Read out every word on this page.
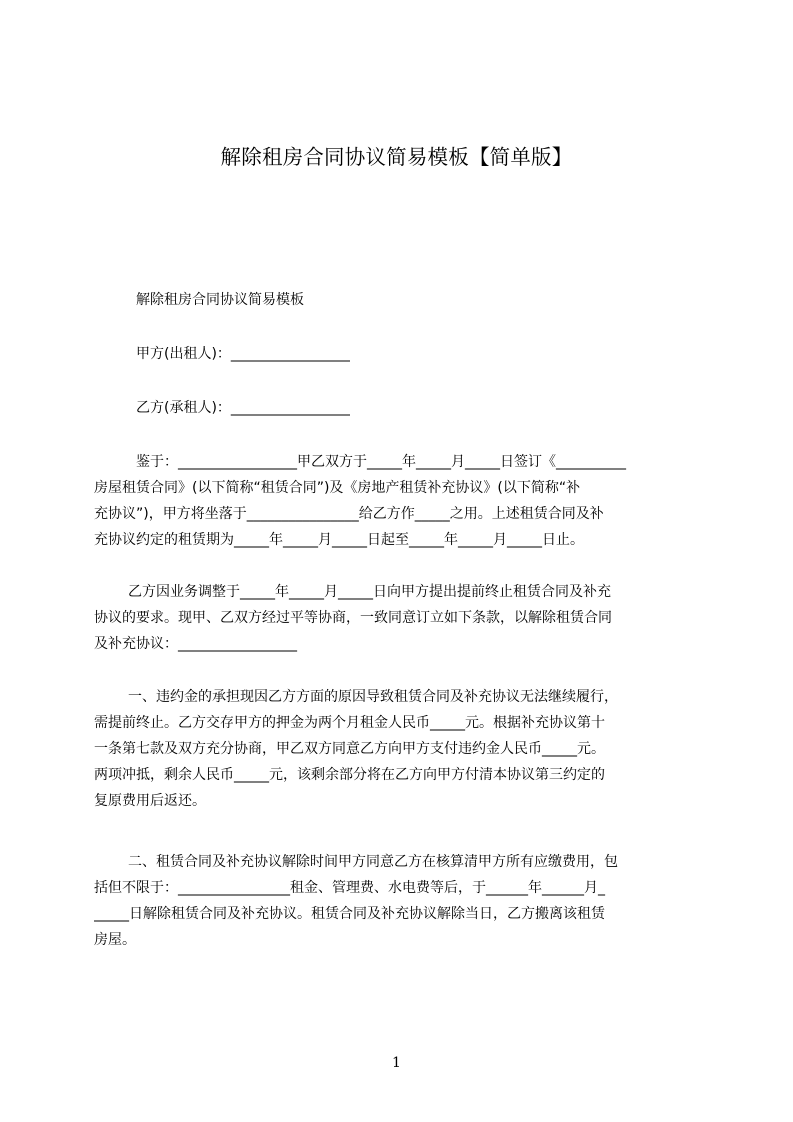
解除租房合同协议简易模板【简单版】

解除租房合同协议简易模板

甲方(出租人)：_________________

乙方(承租人)：_________________

　鉴于：_________________甲乙双方于_____年_____月_____日签订《__________
房屋租赁合同》(以下简称“租赁合同”)及《房地产租赁补充协议》(以下简称“补
充协议”)，甲方将坐落于________________给乙方作_____之用。上述租赁合同及补
充协议约定的租赁期为_____年_____月_____日起至_____年_____月_____日止。

　　乙方因业务调整于_____年_____月_____日向甲方提出提前终止租赁合同及补充
协议的要求。现甲、乙双方经过平等协商，一致同意订立如下条款，以解除租赁合同
及补充协议：_________________

　　一、违约金的承担现因乙方方面的原因导致租赁合同及补充协议无法继续履行，
需提前终止。乙方交存甲方的押金为两个月租金人民币_____元。根据补充协议第十
一条第七款及双方充分协商，甲乙双方同意乙方向甲方支付违约金人民币_____元。
两项冲抵，剩余人民币_____元，该剩余部分将在乙方向甲方付清本协议第三约定的
复原费用后返还。

　　二、租赁合同及补充协议解除时间甲方同意乙方在核算清甲方所有应缴费用，包
括但不限于：________________租金、管理费、水电费等后，于______年______月_
_____日解除租赁合同及补充协议。租赁合同及补充协议解除当日，乙方搬离该租赁
房屋。

1
